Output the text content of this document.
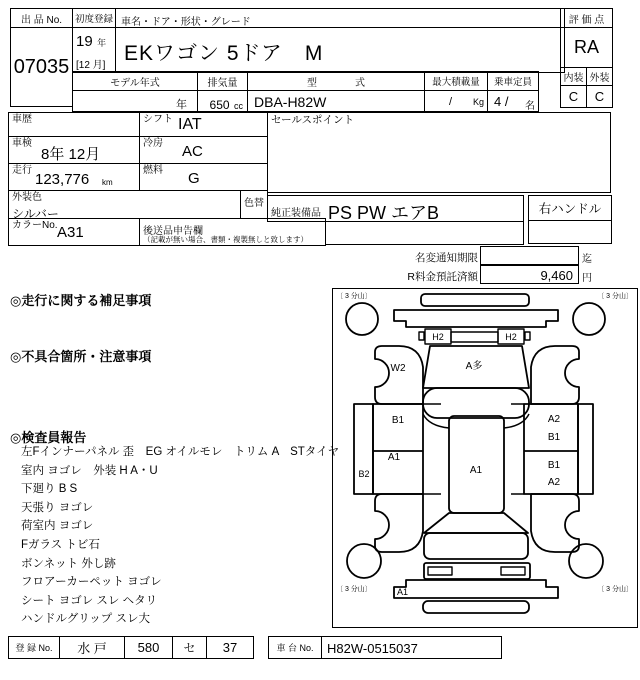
出 品 No.
07035
初度登録
19 年
[12 月]
車名・ドア・形状・グレード
EKワゴン 5ドア　M
評 価 点
RA
内装 外装
C	C
モデル年式
年
排気量
650 cc
型　式
DBA-H82W
最大積載量
/ Kg
乗車定員
4 / 名
車歴	シフト IAT
車検
8年 12月
冷房 AC
走行
123,776 km
燃料 G
外装色
シルバー
色替
カラーNo. A31	後送品申告欄
（記載が無い場合、書類・複製無しと致します）
セールスポイント
純正装備品 PS PW エアB	右ハンドル
名変通知期限	迄
R料金預託済額	9,460 円
◎走行に関する補足事項
◎不具合箇所・注意事項
◎検査員報告
左Fインナーパネル 歪　EG オイルモレ　トリム A　STタイヤ
室内 ヨゴレ　外装 H A・U
下廻り B S
天張り ヨゴレ
荷室内 ヨゴレ
Fガラス トビ石
ボンネット 外し跡
フロアーカーペット ヨゴレ
シート ヨゴレ スレ ヘタリ
ハンドルグリップ スレ大
〔 3 分山〕	〔 3 分山〕
〔 3 分山〕	〔 3 分山〕
H2	H2
A多
A1
W2
B2
B1
A1
A2
B1
B1
A2
A1
登 録 No.	水 戸	580	セ	37	車 台 No.	H82W-0515037
